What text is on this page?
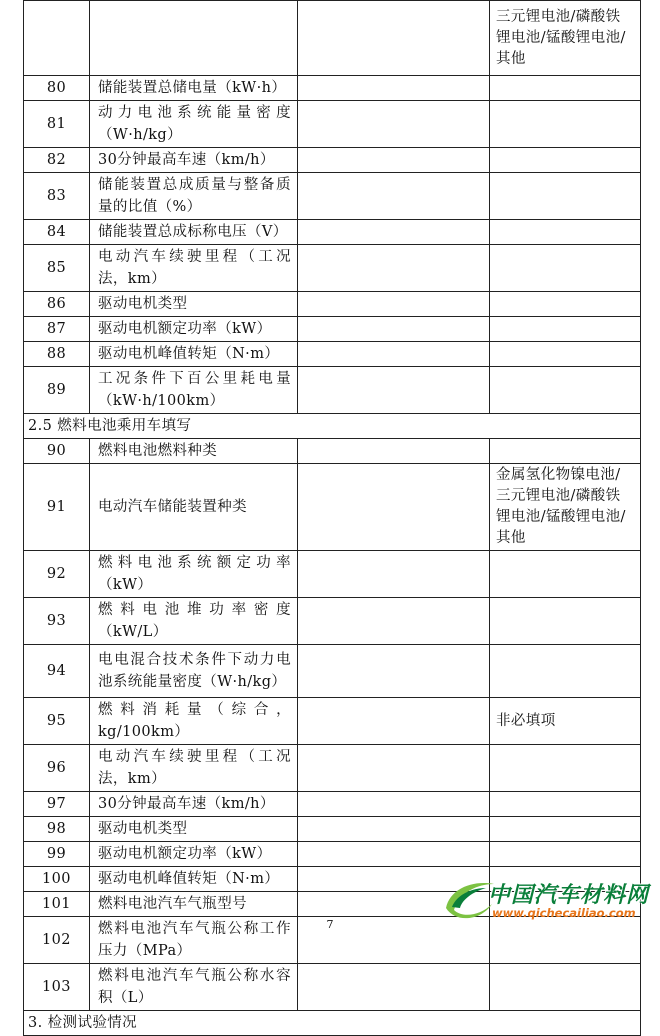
			三元锂电池/磷酸铁锂电池/锰酸锂电池/其他
80	储能装置总储电量（kW·h）		
81	动力电池系统能量密度（W·h/kg）		
82	30分钟最高车速（km/h）		
83	储能装置总成质量与整备质量的比值（%）		
84	储能装置总成标称电压（V）		
85	电动汽车续驶里程（工况法，km）		
86	驱动电机类型		
87	驱动电机额定功率（kW）		
88	驱动电机峰值转矩（N·m）		
89	工况条件下百公里耗电量（kW·h/100km）		
2.5 燃料电池乘用车填写			
90	燃料电池燃料种类		
91	电动汽车储能装置种类		金属氢化物镍电池/三元锂电池/磷酸铁锂电池/锰酸锂电池/其他
92	燃料电池系统额定功率（kW）		
93	燃料电池堆功率密度（kW/L）		
94	电电混合技术条件下动力电池系统能量密度（W·h/kg）		
95	燃料消耗量（综合，kg/100km）		非必填项
96	电动汽车续驶里程（工况法，km）		
97	30分钟最高车速（km/h）		
98	驱动电机类型		
99	驱动电机额定功率（kW）		
100	驱动电机峰值转矩（N·m）		
101	燃料电池汽车气瓶型号		
102	燃料电池汽车气瓶公称工作压力（MPa）		
103	燃料电池汽车气瓶公称水容积（L）		
3. 检测试验情况			
7
中国汽车材料网
www.qichecailiao.com
